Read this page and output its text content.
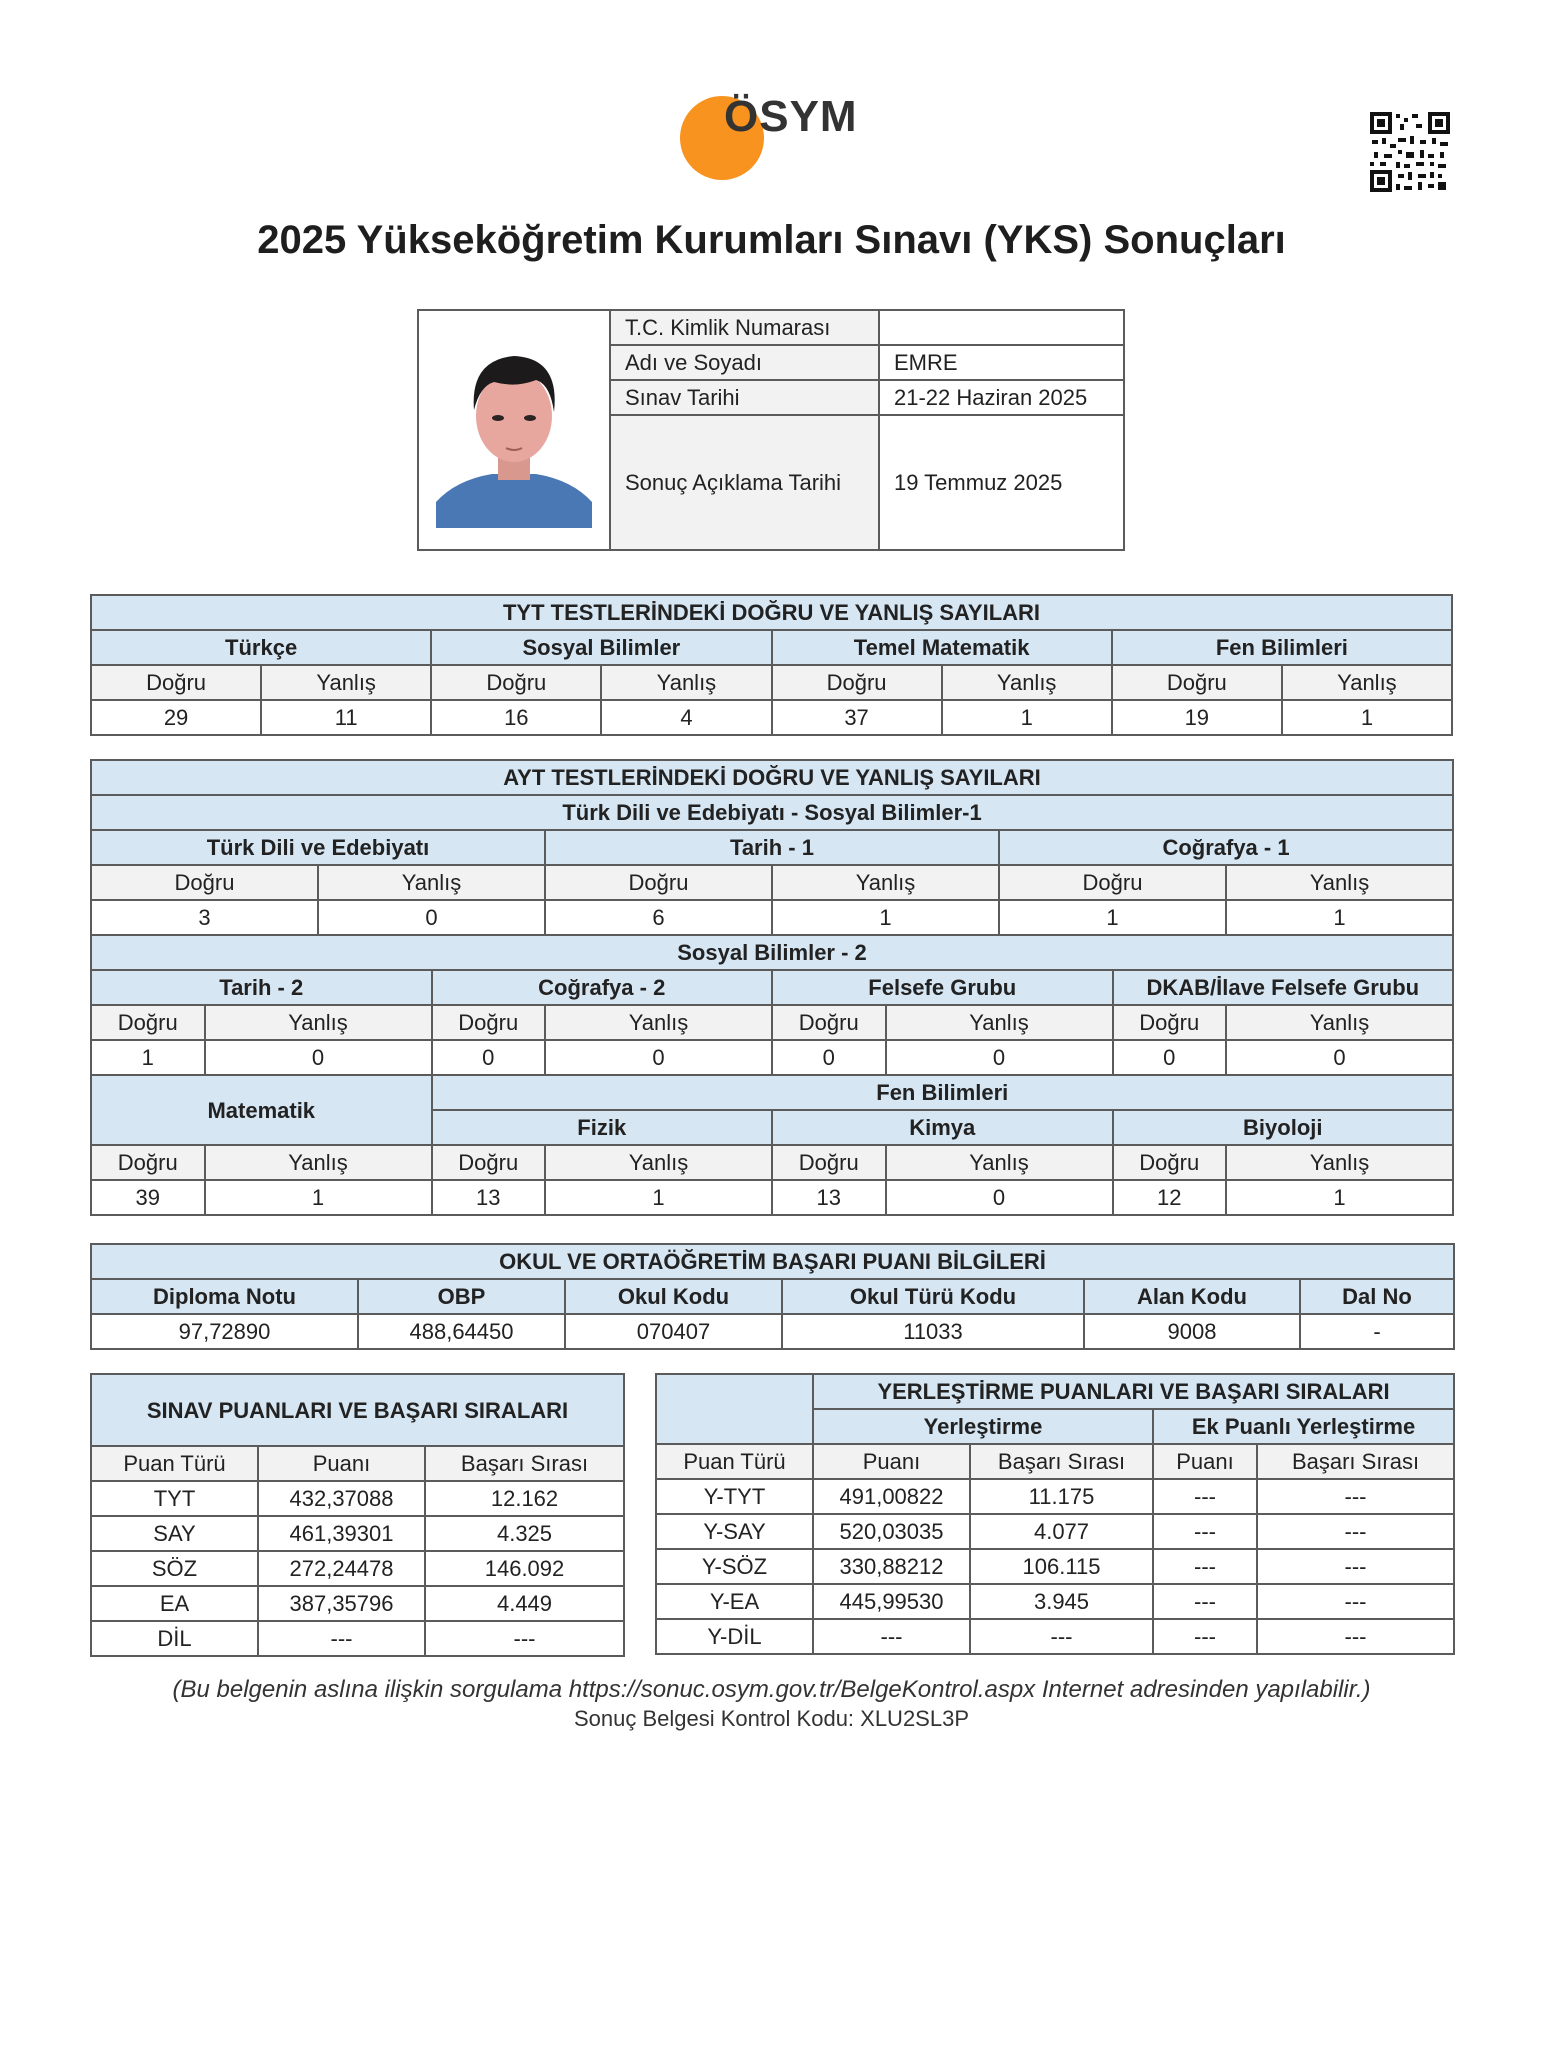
ÖSYM
2025 Yükseköğretim Kurumları Sınavı (YKS) Sonuçları
	T.C. Kimlik Numarası	
	Adı ve Soyadı	EMRE
	Sınav Tarihi	21-22 Haziran 2025
	Sonuç Açıklama Tarihi	19 Temmuz 2025
TYT TESTLERİNDEKİ DOĞRU VE YANLIŞ SAYILARI							
Türkçe		Sosyal Bilimler		Temel Matematik		Fen Bilimleri	
Doğru	Yanlış	Doğru	Yanlış	Doğru	Yanlış	Doğru	Yanlış
29	11	16	4	37	1	19	1
AYT TESTLERİNDEKİ DOĞRU VE YANLIŞ SAYILARI									
Türk Dili ve Edebiyatı - Sosyal Bilimler-1									
Türk Dili ve Edebiyatı				Tarih - 1			Coğrafya - 1		
Doğru		Yanlış		Doğru	Yanlış		Doğru		Yanlış
3		0		6	1		1		1
Sosyal Bilimler - 2									
Tarih - 2			Coğrafya - 2		Felsefe Grubu			DKAB/İlave Felsefe Grubu	
Doğru	Yanlış		Doğru	Yanlış	Doğru	Yanlış		Doğru	Yanlış
1	0		0	0	0	0		0	0
Matematik			Fen Bilimleri						
			Fizik		Kimya			Biyoloji	
Doğru	Yanlış		Doğru	Yanlış	Doğru	Yanlış		Doğru	Yanlış
39	1		13	1	13	0		12	1
OKUL VE ORTAÖĞRETİM BAŞARI PUANI BİLGİLERİ					
Diploma Notu	OBP	Okul Kodu	Okul Türü Kodu	Alan Kodu	Dal No
97,72890	488,64450	070407	11033	9008	-
SINAV PUANLARI VE BAŞARI SIRALARI		

Puan Türü	Puanı	Başarı Sırası
TYT	432,37088	12.162
SAY	461,39301	4.325
SÖZ	272,24478	146.092
EA	387,35796	4.449
DİL	---	---
	YERLEŞTİRME PUANLARI VE BAŞARI SIRALARI			
	Yerleştirme		Ek Puanlı Yerleştirme	
Puan Türü	Puanı	Başarı Sırası	Puanı	Başarı Sırası
Y-TYT	491,00822	11.175	---	---
Y-SAY	520,03035	4.077	---	---
Y-SÖZ	330,88212	106.115	---	---
Y-EA	445,99530	3.945	---	---
Y-DİL	---	---	---	---
(Bu belgenin aslına ilişkin sorgulama https://sonuc.osym.gov.tr/BelgeKontrol.aspx Internet adresinden yapılabilir.)
Sonuç Belgesi Kontrol Kodu: XLU2SL3P
